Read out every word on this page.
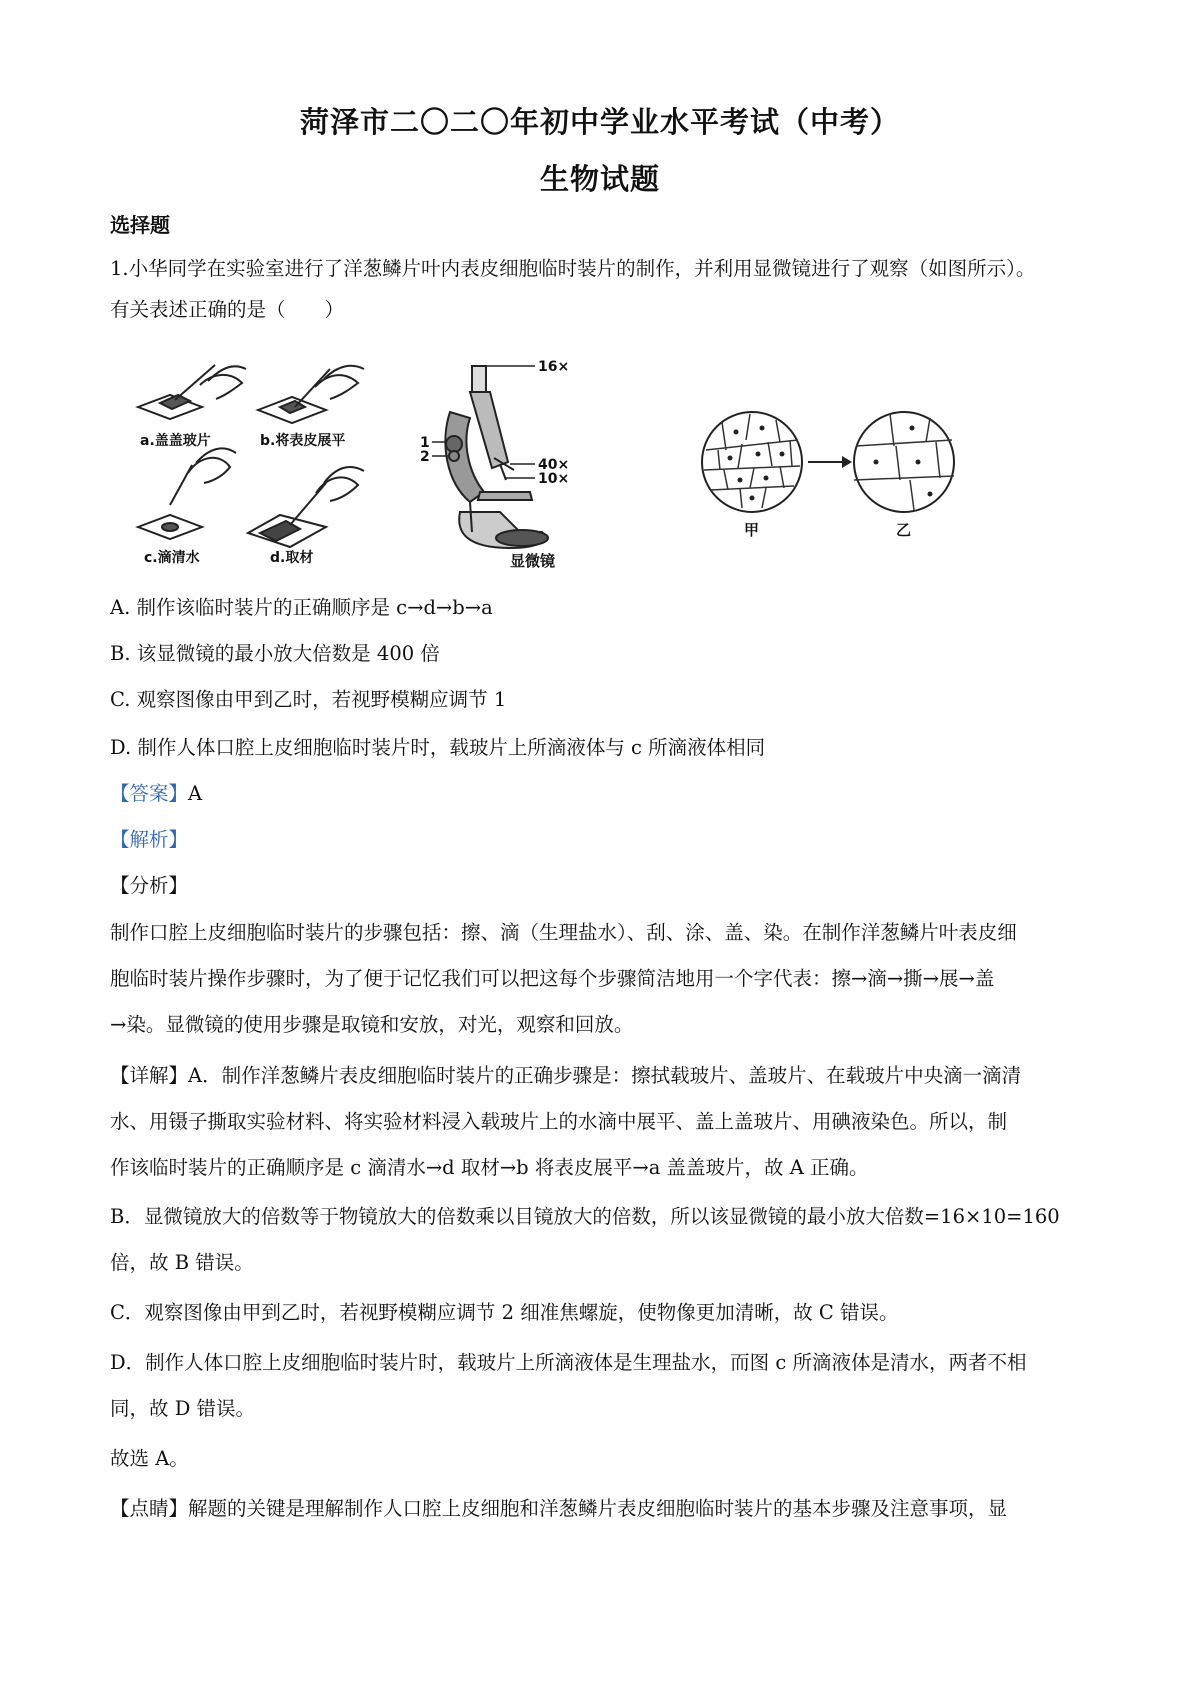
菏泽市二〇二〇年初中学业水平考试（中考）
生物试题
选择题
1.小华同学在实验室进行了洋葱鳞片叶内表皮细胞临时装片的制作，并利用显微镜进行了观察（如图所示）。
有关表述正确的是（　　）
a.盖盖玻片	b.将表皮展平
c.滴清水	d.取材
16×
40×
10×
1
2
显微镜
甲	乙
A. 制作该临时装片的正确顺序是 c→d→b→a
B. 该显微镜的最小放大倍数是 400 倍
C. 观察图像由甲到乙时，若视野模糊应调节 1
D. 制作人体口腔上皮细胞临时装片时，载玻片上所滴液体与 c 所滴液体相同
【答案】A
【解析】
【分析】
制作口腔上皮细胞临时装片的步骤包括：擦、滴（生理盐水）、刮、涂、盖、染。在制作洋葱鳞片叶表皮细
胞临时装片操作步骤时，为了便于记忆我们可以把这每个步骤简洁地用一个字代表：擦→滴→撕→展→盖
→染。显微镜的使用步骤是取镜和安放，对光，观察和回放。
【详解】A．制作洋葱鳞片表皮细胞临时装片的正确步骤是：擦拭载玻片、盖玻片、在载玻片中央滴一滴清
水、用镊子撕取实验材料、将实验材料浸入载玻片上的水滴中展平、盖上盖玻片、用碘液染色。所以，制
作该临时装片的正确顺序是 c 滴清水→d 取材→b 将表皮展平→a 盖盖玻片，故 A 正确。
B．显微镜放大的倍数等于物镜放大的倍数乘以目镜放大的倍数，所以该显微镜的最小放大倍数=16×10=160
倍，故 B 错误。
C．观察图像由甲到乙时，若视野模糊应调节 2 细准焦螺旋，使物像更加清晰，故 C 错误。
D．制作人体口腔上皮细胞临时装片时，载玻片上所滴液体是生理盐水，而图 c 所滴液体是清水，两者不相
同，故 D 错误。
故选 A。
【点睛】解题的关键是理解制作人口腔上皮细胞和洋葱鳞片表皮细胞临时装片的基本步骤及注意事项，显
